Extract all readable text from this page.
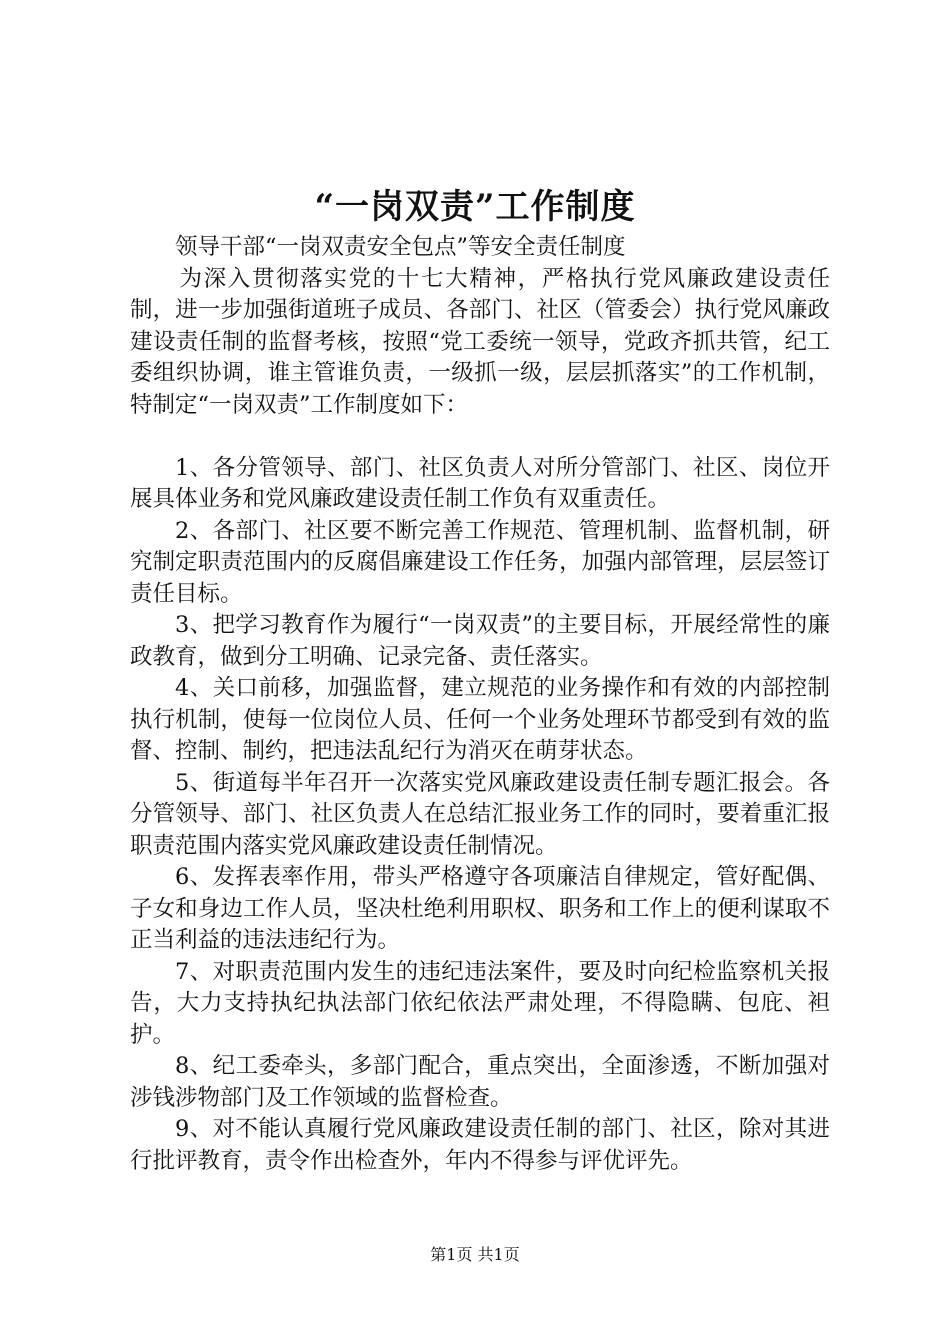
“一岗双责”工作制度

领导干部“一岗双责安全包点”等安全责任制度

为深入贯彻落实党的十七大精神，严格执行党风廉政建设责任制，进一步加强街道班子成员、各部门、社区（管委会）执行党风廉政建设责任制的监督考核，按照“党工委统一领导，党政齐抓共管，纪工委组织协调，谁主管谁负责，一级抓一级，层层抓落实”的工作机制，特制定“一岗双责”工作制度如下：

1、各分管领导、部门、社区负责人对所分管部门、社区、岗位开展具体业务和党风廉政建设责任制工作负有双重责任。

2、各部门、社区要不断完善工作规范、管理机制、监督机制，研究制定职责范围内的反腐倡廉建设工作任务，加强内部管理，层层签订责任目标。

3、把学习教育作为履行“一岗双责”的主要目标，开展经常性的廉政教育，做到分工明确、记录完备、责任落实。

4、关口前移，加强监督，建立规范的业务操作和有效的内部控制执行机制，使每一位岗位人员、任何一个业务处理环节都受到有效的监督、控制、制约，把违法乱纪行为消灭在萌芽状态。

5、街道每半年召开一次落实党风廉政建设责任制专题汇报会。各分管领导、部门、社区负责人在总结汇报业务工作的同时，要着重汇报职责范围内落实党风廉政建设责任制情况。

6、发挥表率作用，带头严格遵守各项廉洁自律规定，管好配偶、子女和身边工作人员，坚决杜绝利用职权、职务和工作上的便利谋取不正当利益的违法违纪行为。

7、对职责范围内发生的违纪违法案件，要及时向纪检监察机关报告，大力支持执纪执法部门依纪依法严肃处理，不得隐瞒、包庇、袒护。

8、纪工委牵头，多部门配合，重点突出，全面渗透，不断加强对涉钱涉物部门及工作领域的监督检查。

9、对不能认真履行党风廉政建设责任制的部门、社区，除对其进行批评教育，责令作出检查外，年内不得参与评优评先。

第1页 共1页
